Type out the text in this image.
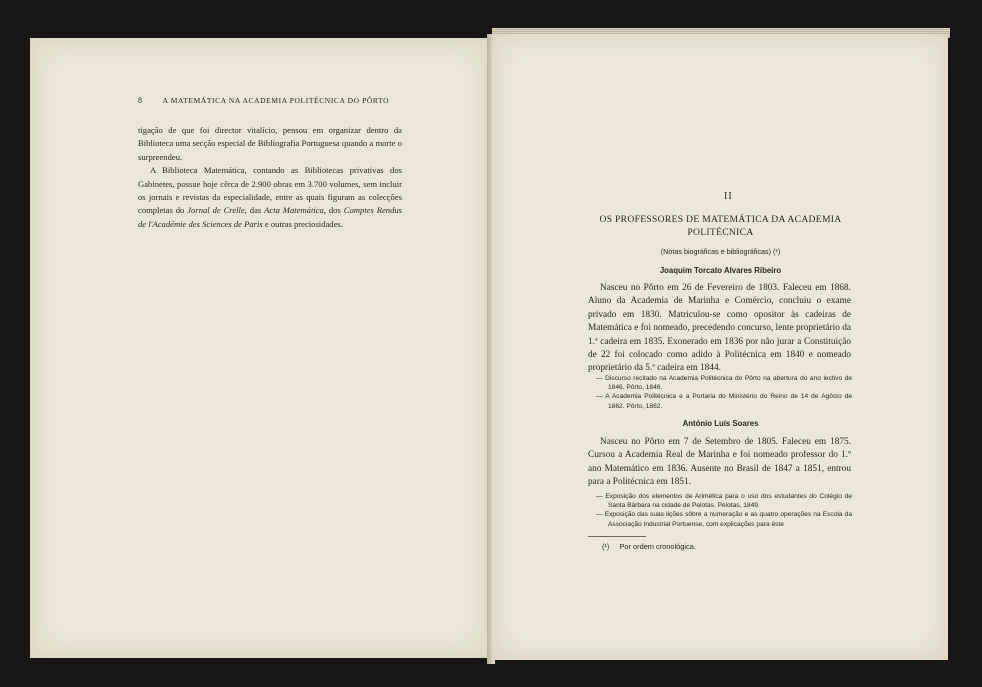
8	A MATEMÁTICA NA ACADEMIA POLITÉCNICA DO PÔRTO

tigação de que foi director vitalício, pensou em organizar dentro da Biblioteca uma secção especial de Bibliografia Portuguesa quando a morte o surpreendeu.

A Biblioteca Matemática, contando as Bibliotecas privativas dos Gabinetes, possue hoje cêrca de 2.900 obras em 3.700 volumes, sem incluir os jornais e revistas da especialidade, entre as quais figuram as colecções completas do Jornal de Crelle, das Acta Matemática, dos Comptes Rendus de l'Académie des Sciences de Paris e outras preciosidades.

II
OS PROFESSORES DE MATEMÁTICA DA ACADEMIA POLITÉCNICA
(Notas biográficas e bibliográficas) (¹)
Joaquim Torcato Alvares Ribeiro
Nasceu no Pôrto em 26 de Fevereiro de 1803. Faleceu em 1868. Aluno da Academia de Marinha e Comércio, concluiu o exame privado em 1830. Matriculou-se como opositor às cadeiras de Matemática e foi nomeado, precedendo concurso, lente proprietário da 1.ª cadeira em 1835. Exonerado em 1836 por não jurar a Constituição de 22 foi colocado como adido à Politécnica em 1840 e nomeado proprietário da 5.ª cadeira em 1844.
— Discurso recitado na Academia Politécnica do Pôrto na abertura do ano lectivo de 1846. Pôrto, 1846.
— A Academia Politécnica e a Portaria do Ministério do Reino de 14 de Agôsto de 1862. Pôrto, 1862.
António Luís Soares
Nasceu no Pôrto em 7 de Setembro de 1805. Faleceu em 1875. Cursou a Academia Real de Marinha e foi nomeado professor do 1.º ano Matemático em 1836. Ausente no Brasil de 1847 a 1851, entrou para a Politécnica em 1851.
— Exposição dos elementos de Arimética para o uso dos estudantes do Colégio de Santa Bárbara na cidade de Pelotas. Pelotas, 1849.
— Exposição das suas lições sôbre a numeração e as quatro operações na Escola da Associação Industrial Portuense, com explicações para êste
(¹) Por ordem cronológica.
